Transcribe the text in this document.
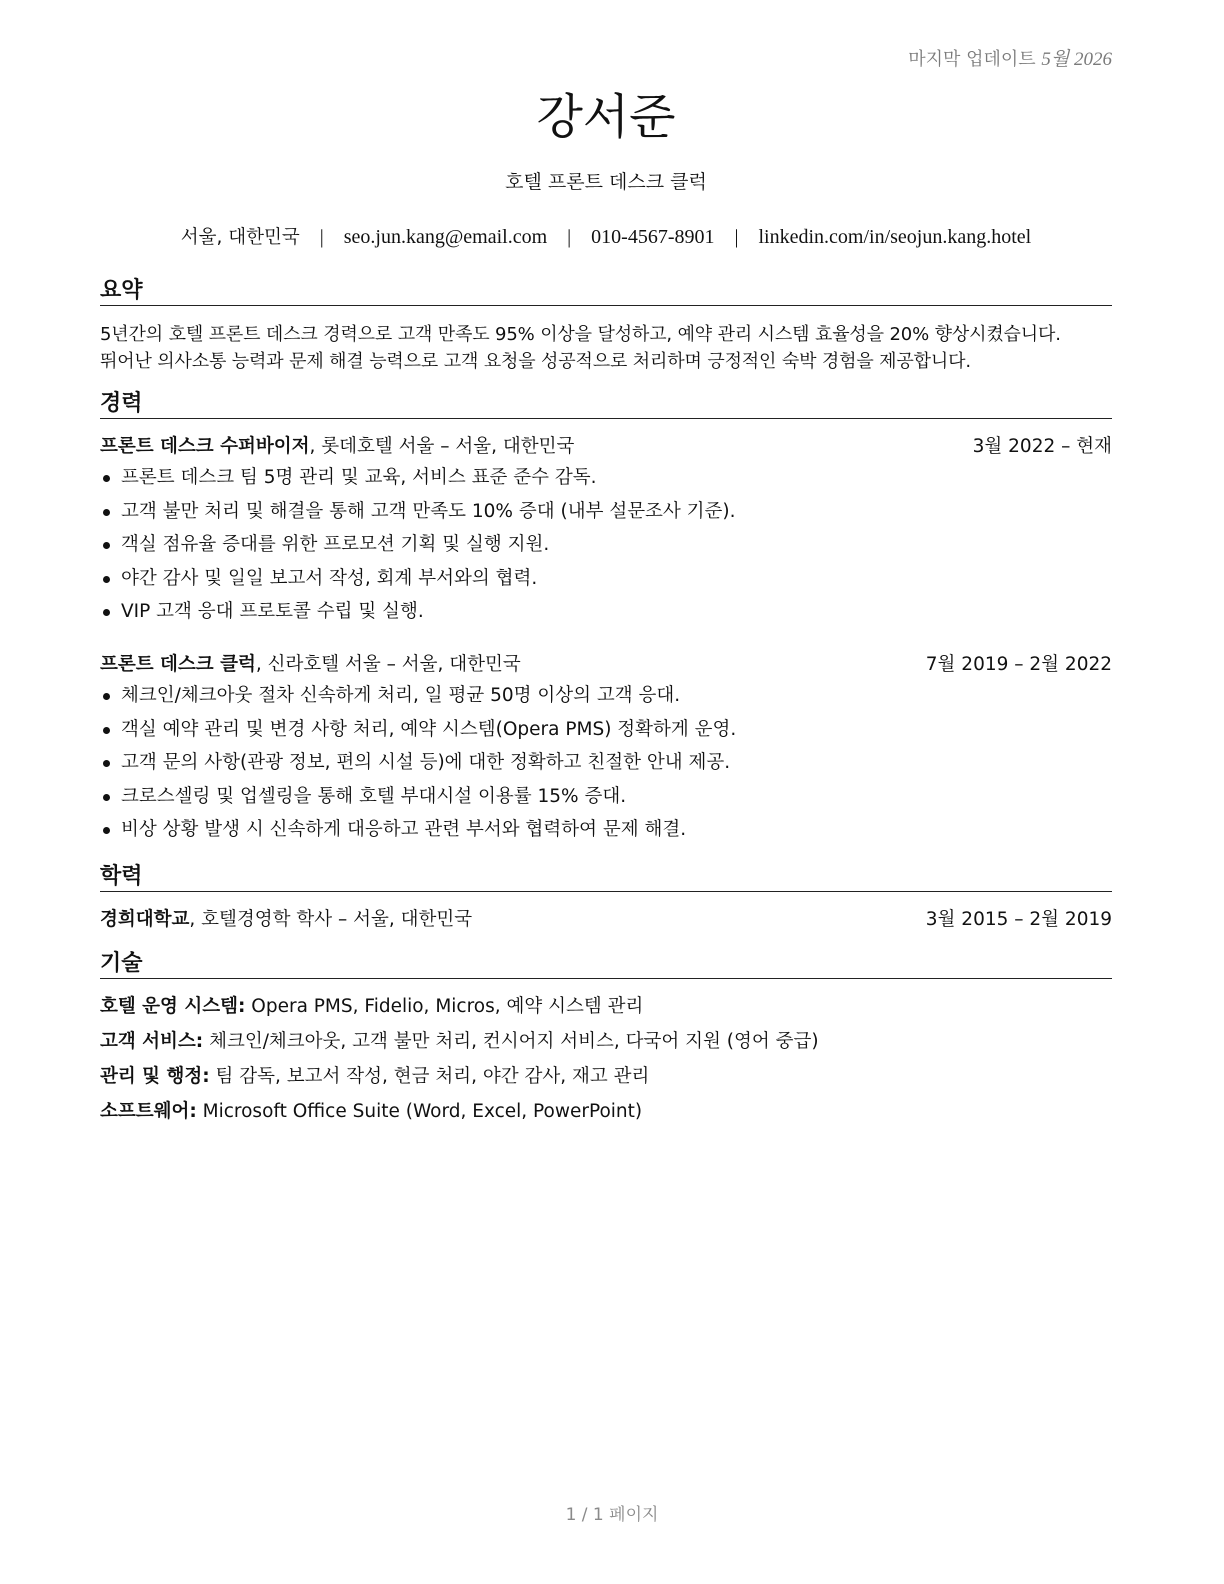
마지막 업데이트 5월 2026
강서준
호텔 프론트 데스크 클럭
서울, 대한민국 | seo.jun.kang@email.com | 010-4567-8901 | linkedin.com/in/seojun.kang.hotel
요약
5년간의 호텔 프론트 데스크 경력으로 고객 만족도 95% 이상을 달성하고, 예약 관리 시스템 효율성을 20% 향상시켰습니다.
뛰어난 의사소통 능력과 문제 해결 능력으로 고객 요청을 성공적으로 처리하며 긍정적인 숙박 경험을 제공합니다.
경력
프론트 데스크 수퍼바이저, 롯데호텔 서울 – 서울, 대한민국	3월 2022 – 현재
프론트 데스크 팀 5명 관리 및 교육, 서비스 표준 준수 감독.
고객 불만 처리 및 해결을 통해 고객 만족도 10% 증대 (내부 설문조사 기준).
객실 점유율 증대를 위한 프로모션 기획 및 실행 지원.
야간 감사 및 일일 보고서 작성, 회계 부서와의 협력.
VIP 고객 응대 프로토콜 수립 및 실행.
프론트 데스크 클럭, 신라호텔 서울 – 서울, 대한민국	7월 2019 – 2월 2022
체크인/체크아웃 절차 신속하게 처리, 일 평균 50명 이상의 고객 응대.
객실 예약 관리 및 변경 사항 처리, 예약 시스템(Opera PMS) 정확하게 운영.
고객 문의 사항(관광 정보, 편의 시설 등)에 대한 정확하고 친절한 안내 제공.
크로스셀링 및 업셀링을 통해 호텔 부대시설 이용률 15% 증대.
비상 상황 발생 시 신속하게 대응하고 관련 부서와 협력하여 문제 해결.
학력
경희대학교, 호텔경영학 학사 – 서울, 대한민국	3월 2015 – 2월 2019
기술
호텔 운영 시스템: Opera PMS, Fidelio, Micros, 예약 시스템 관리
고객 서비스: 체크인/체크아웃, 고객 불만 처리, 컨시어지 서비스, 다국어 지원 (영어 중급)
관리 및 행정: 팀 감독, 보고서 작성, 현금 처리, 야간 감사, 재고 관리
소프트웨어: Microsoft Office Suite (Word, Excel, PowerPoint)
1 / 1 페이지
